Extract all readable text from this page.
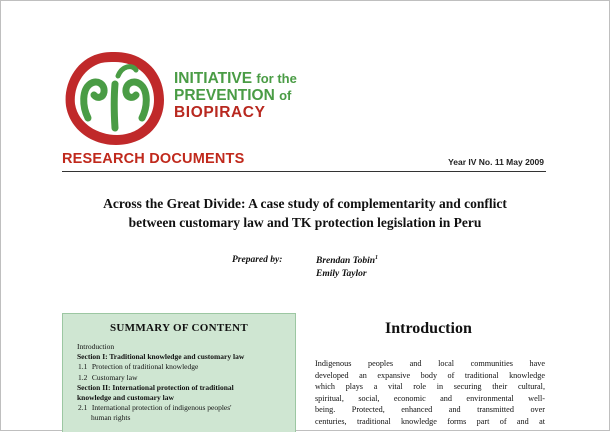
INITIATIVE for the
PREVENTION of
BIOPIRACY
RESEARCH DOCUMENTS	Year IV No. 11 May 2009
Across the Great Divide: A case study of complementarity and conflict
between customary law and TK protection legislation in Peru
Prepared by:	Brendan Tobin$^1$
Emily Taylor
SUMMARY OF CONTENT
Introduction
Section I: Traditional knowledge and customary law
1.1 Protection of traditional knowledge
1.2 Customary law
Section II: International protection of traditional
knowledge and customary law
2.1 International protection of indigenous peoples'
human rights
Introduction
Indigenous peoples and local communities have
developed an expansive body of traditional knowledge
which plays a vital role in securing their cultural,
spiritual, social, economic and environmental well-
being. Protected, enhanced and transmitted over
centuries, traditional knowledge forms part of and at
